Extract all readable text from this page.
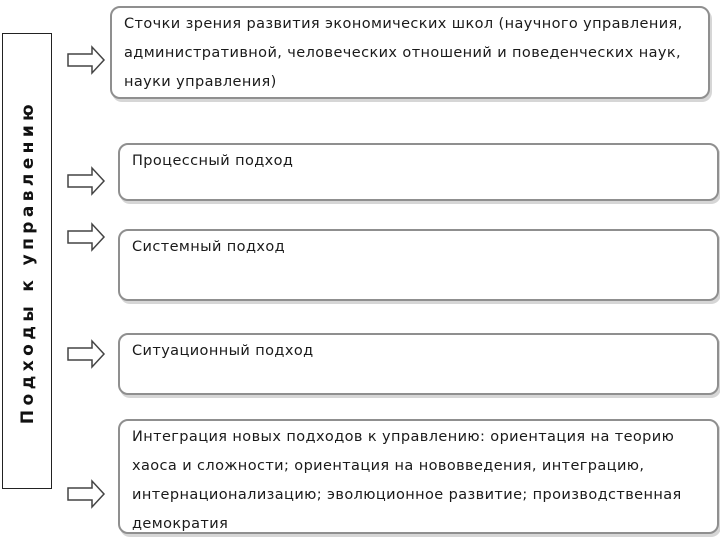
Подходы к управлению
Сточки зрения развития экономических школ (научного управления, административной, человеческих отношений и поведенческих наук, науки управления)
Процессный подход
Системный подход
Ситуационный подход
Интеграция новых подходов к управлению: ориентация на теорию хаоса и сложности; ориентация на нововведения, интеграцию, интернационализацию; эволюционное развитие; производственная демократия
